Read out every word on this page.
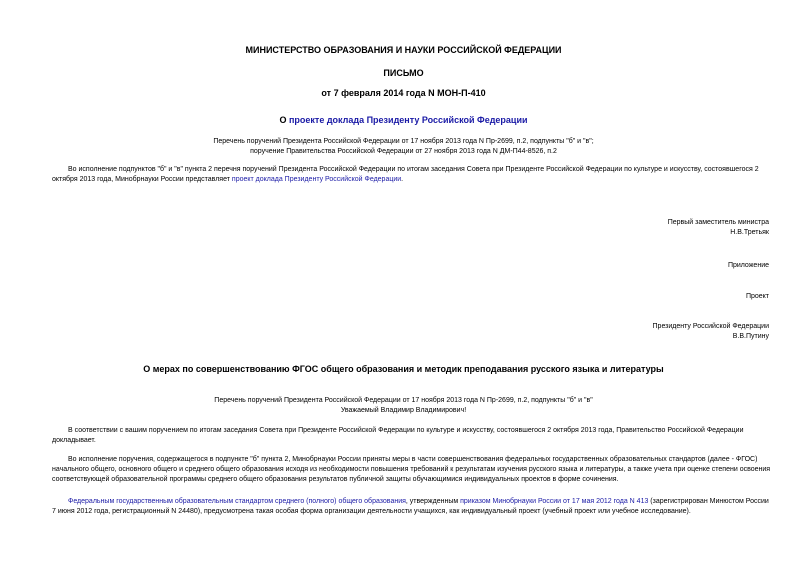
МИНИСТЕРСТВО ОБРАЗОВАНИЯ И НАУКИ РОССИЙСКОЙ ФЕДЕРАЦИИ
ПИСЬМО
от 7 февраля 2014 года N МОН-П-410
О проекте доклада Президенту Российской Федерации
Перечень поручений Президента Российской Федерации от 17 ноября 2013 года N Пр-2699, п.2, подпункты "б" и "в";
поручение Правительства Российской Федерации от 27 ноября 2013 года N ДМ-П44-8526, п.2
Во исполнение подпунктов "б" и "в" пункта 2 перечня поручений Президента Российской Федерации по итогам заседания Совета при Президенте Российской Федерации по культуре и искусству, состоявшегося 2 октября 2013 года, Минобрнауки России представляет проект доклада Президенту Российской Федерации.
Первый заместитель министра
Н.В.Третьяк
Приложение
Проект
Президенту Российской Федерации
В.В.Путину
О мерах по совершенствованию ФГОС общего образования и методик преподавания русского языка и литературы
Перечень поручений Президента Российской Федерации от 17 ноября 2013 года N Пр-2699, п.2, подпункты "б" и "в"
Уважаемый Владимир Владимирович!
В соответствии с вашим поручением по итогам заседания Совета при Президенте Российской Федерации по культуре и искусству, состоявшегося 2 октября 2013 года, Правительство Российской Федерации докладывает.
Во исполнение поручения, содержащегося в подпункте "б" пункта 2, Минобрнауки России приняты меры в части совершенствования федеральных государственных образовательных стандартов (далее - ФГОС) начального общего, основного общего и среднего общего образования исходя из необходимости повышения требований к результатам изучения русского языка и литературы, а также учета при оценке степени освоения соответствующей образовательной программы среднего общего образования результатов публичной защиты обучающимися индивидуальных проектов в форме сочинения.
Федеральным государственным образовательным стандартом среднего (полного) общего образования, утвержденным приказом Минобрнауки России от 17 мая 2012 года N 413 (зарегистрирован Минюстом России 7 июня 2012 года, регистрационный N 24480), предусмотрена такая особая форма организации деятельности учащихся, как индивидуальный проект (учебный проект или учебное исследование).
